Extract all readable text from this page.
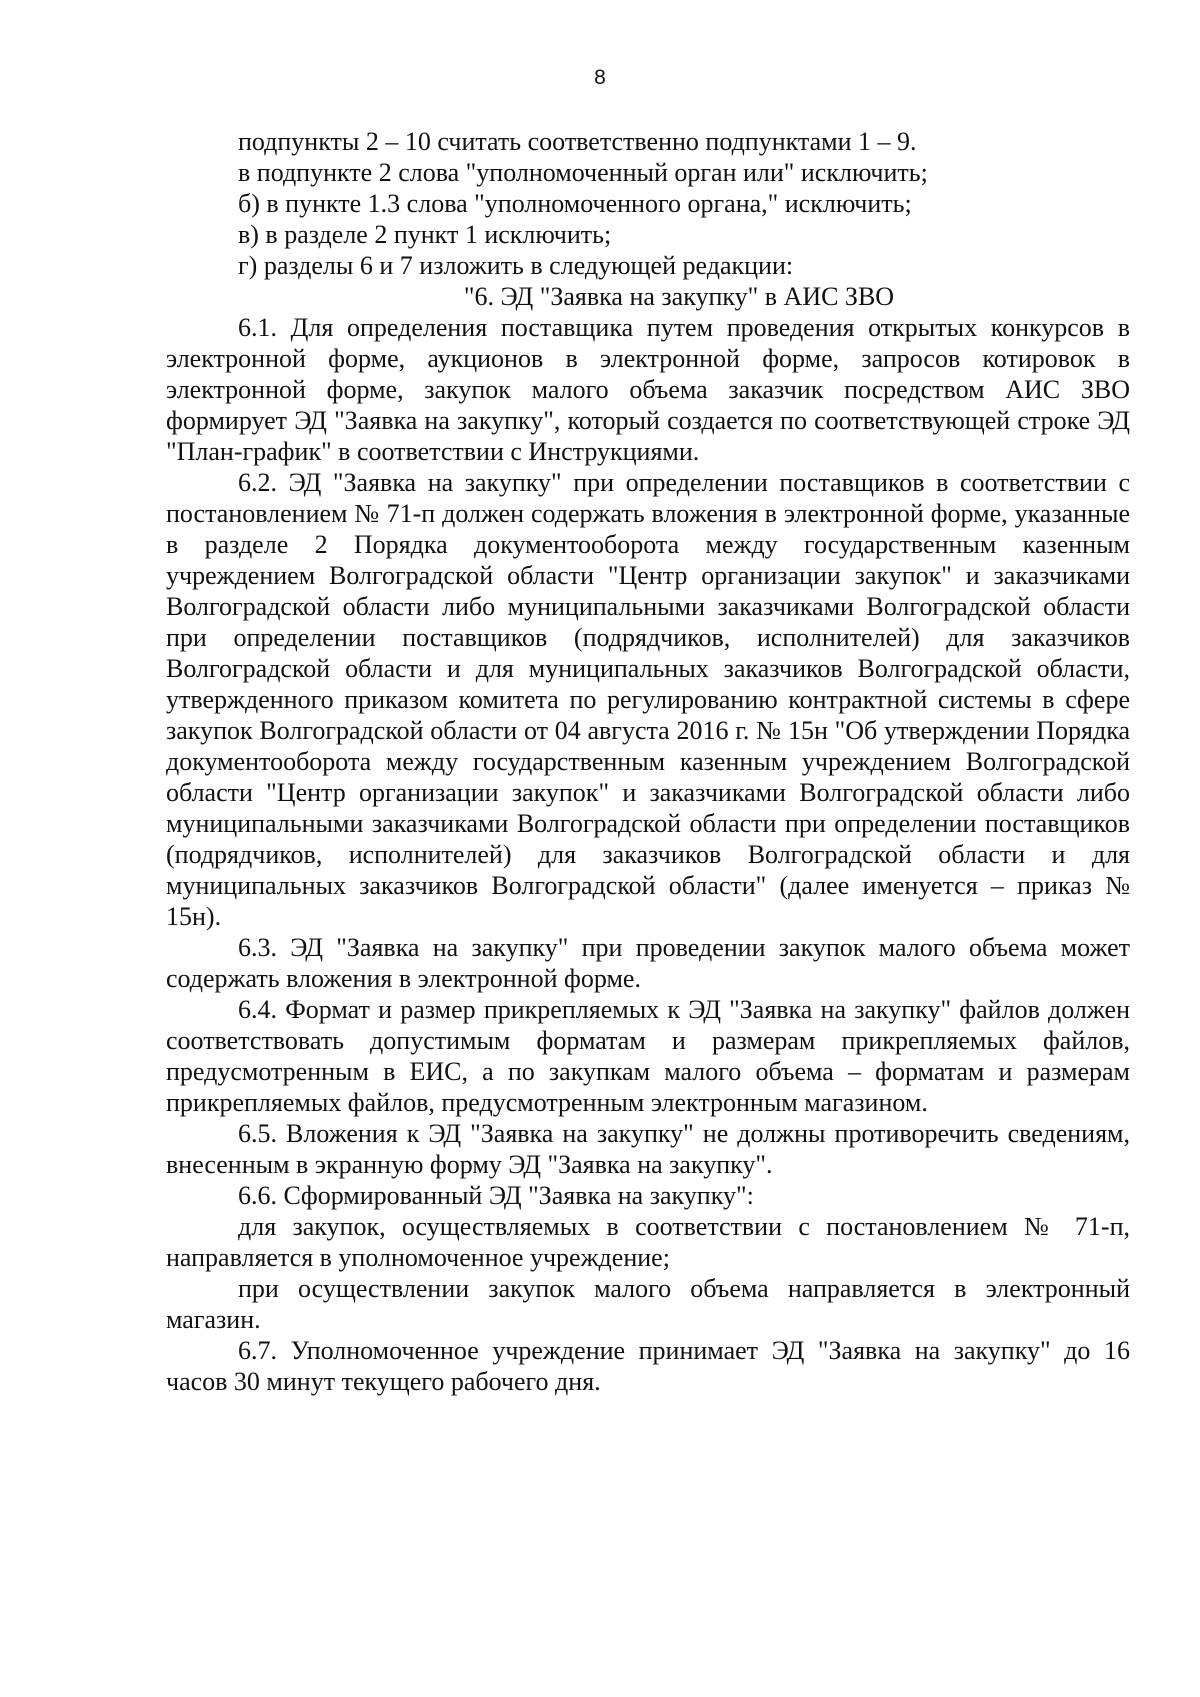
8

подпункты 2 – 10 считать соответственно подпунктами 1 – 9.

в подпункте 2 слова "уполномоченный орган или" исключить;

б) в пункте 1.3 слова "уполномоченного органа," исключить;

в) в разделе 2 пункт 1 исключить;

г) разделы 6 и 7 изложить в следующей редакции:

"6. ЭД "Заявка на закупку" в АИС ЗВО

6.1. Для определения поставщика путем проведения открытых конкурсов в электронной форме, аукционов в электронной форме, запросов котировок в электронной форме, закупок малого объема заказчик посредством АИС ЗВО формирует ЭД "Заявка на закупку", который создается по соответствующей строке ЭД "План-график" в соответствии с Инструкциями.

6.2. ЭД "Заявка на закупку" при определении поставщиков в соответствии с постановлением № 71-п должен содержать вложения в электронной форме, указанные в разделе 2 Порядка документооборота между государственным казенным учреждением Волгоградской области "Центр организации закупок" и заказчиками Волгоградской области либо муниципальными заказчиками Волгоградской области при определении поставщиков (подрядчиков, исполнителей) для заказчиков Волгоградской области и для муниципальных заказчиков Волгоградской области, утвержденного приказом комитета по регулированию контрактной системы в сфере закупок Волгоградской области от 04 августа 2016 г. № 15н "Об утверждении Порядка документооборота между государственным казенным учреждением Волгоградской области "Центр организации закупок" и заказчиками Волгоградской области либо муниципальными заказчиками Волгоградской области при определении поставщиков (подрядчиков, исполнителей) для заказчиков Волгоградской области и для муниципальных заказчиков Волгоградской области" (далее именуется – приказ № 15н).

6.3. ЭД "Заявка на закупку" при проведении закупок малого объема может содержать вложения в электронной форме.

6.4. Формат и размер прикрепляемых к ЭД "Заявка на закупку" файлов должен соответствовать допустимым форматам и размерам прикрепляемых файлов, предусмотренным в ЕИС, а по закупкам малого объема – форматам и размерам прикрепляемых файлов, предусмотренным электронным магазином.

6.5. Вложения к ЭД "Заявка на закупку" не должны противоречить сведениям, внесенным в экранную форму ЭД "Заявка на закупку".

6.6. Сформированный ЭД "Заявка на закупку":

для закупок, осуществляемых в соответствии с постановлением № 71-п, направляется в уполномоченное учреждение;

при осуществлении закупок малого объема направляется в электронный магазин.

6.7. Уполномоченное учреждение принимает ЭД "Заявка на закупку" до 16 часов 30 минут текущего рабочего дня.
